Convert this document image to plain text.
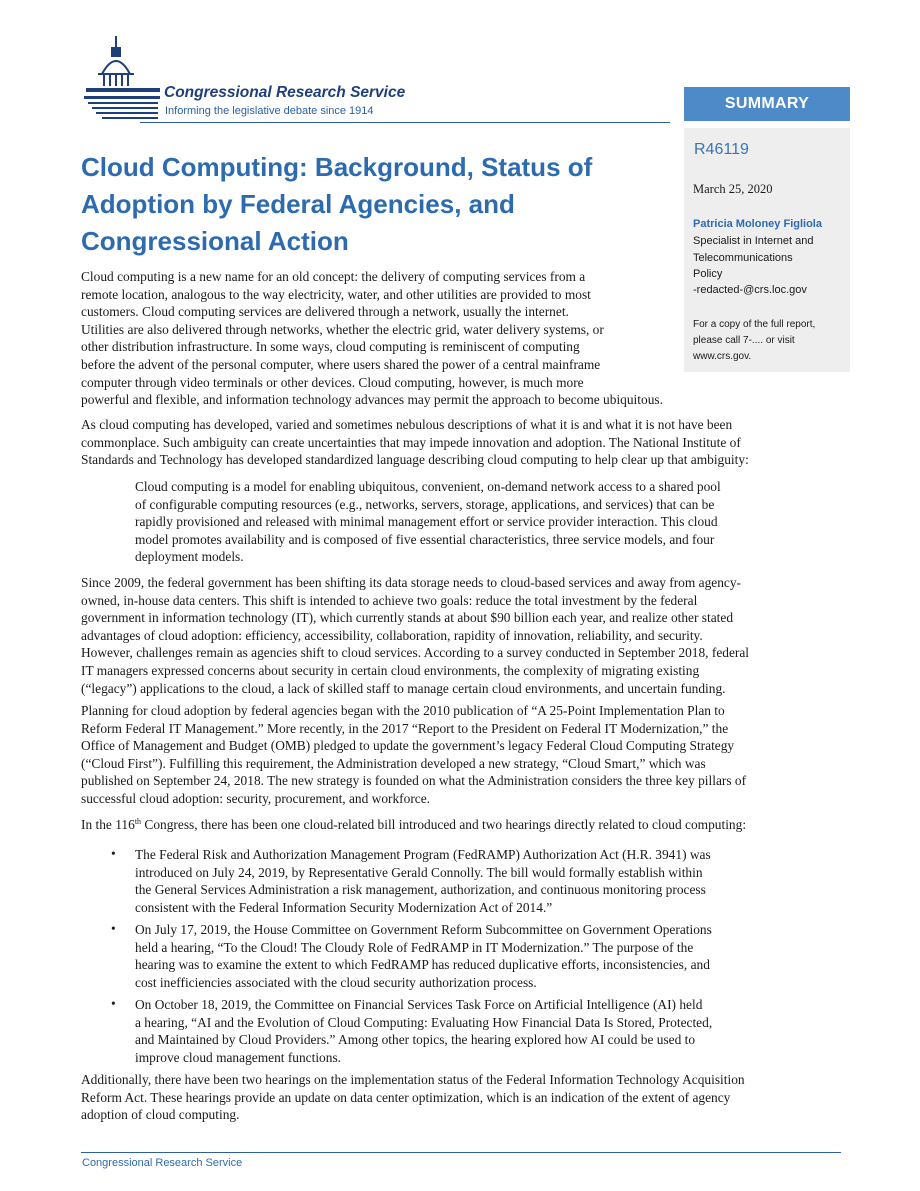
Congressional Research Service
Informing the legislative debate since 1914	SUMMARY
R46119
March 25, 2020
Patricia Moloney Figliola
Specialist in Internet and
Telecommunications
Policy
-redacted-@crs.loc.gov
For a copy of the full report,
please call 7-.... or visit
www.crs.gov.
Cloud Computing: Background, Status of
Adoption by Federal Agencies, and
Congressional Action
Cloud computing is a new name for an old concept: the delivery of computing services from a
remote location, analogous to the way electricity, water, and other utilities are provided to most
customers. Cloud computing services are delivered through a network, usually the internet.
Utilities are also delivered through networks, whether the electric grid, water delivery systems, or
other distribution infrastructure. In some ways, cloud computing is reminiscent of computing
before the advent of the personal computer, where users shared the power of a central mainframe
computer through video terminals or other devices. Cloud computing, however, is much more
powerful and flexible, and information technology advances may permit the approach to become ubiquitous.
As cloud computing has developed, varied and sometimes nebulous descriptions of what it is and what it is not have been
commonplace. Such ambiguity can create uncertainties that may impede innovation and adoption. The National Institute of
Standards and Technology has developed standardized language describing cloud computing to help clear up that ambiguity:
Cloud computing is a model for enabling ubiquitous, convenient, on-demand network access to a shared pool
of configurable computing resources (e.g., networks, servers, storage, applications, and services) that can be
rapidly provisioned and released with minimal management effort or service provider interaction. This cloud
model promotes availability and is composed of five essential characteristics, three service models, and four
deployment models.
Since 2009, the federal government has been shifting its data storage needs to cloud-based services and away from agency-
owned, in-house data centers. This shift is intended to achieve two goals: reduce the total investment by the federal
government in information technology (IT), which currently stands at about $90 billion each year, and realize other stated
advantages of cloud adoption: efficiency, accessibility, collaboration, rapidity of innovation, reliability, and security.
However, challenges remain as agencies shift to cloud services. According to a survey conducted in September 2018, federal
IT managers expressed concerns about security in certain cloud environments, the complexity of migrating existing
(“legacy”) applications to the cloud, a lack of skilled staff to manage certain cloud environments, and uncertain funding.
Planning for cloud adoption by federal agencies began with the 2010 publication of “A 25-Point Implementation Plan to
Reform Federal IT Management.” More recently, in the 2017 “Report to the President on Federal IT Modernization,” the
Office of Management and Budget (OMB) pledged to update the government’s legacy Federal Cloud Computing Strategy
(“Cloud First”). Fulfilling this requirement, the Administration developed a new strategy, “Cloud Smart,” which was
published on September 24, 2018. The new strategy is founded on what the Administration considers the three key pillars of
successful cloud adoption: security, procurement, and workforce.
In the 116th Congress, there has been one cloud-related bill introduced and two hearings directly related to cloud computing:
• The Federal Risk and Authorization Management Program (FedRAMP) Authorization Act (H.R. 3941) was
introduced on July 24, 2019, by Representative Gerald Connolly. The bill would formally establish within
the General Services Administration a risk management, authorization, and continuous monitoring process
consistent with the Federal Information Security Modernization Act of 2014.”
• On July 17, 2019, the House Committee on Government Reform Subcommittee on Government Operations
held a hearing, “To the Cloud! The Cloudy Role of FedRAMP in IT Modernization.” The purpose of the
hearing was to examine the extent to which FedRAMP has reduced duplicative efforts, inconsistencies, and
cost inefficiencies associated with the cloud security authorization process.
• On October 18, 2019, the Committee on Financial Services Task Force on Artificial Intelligence (AI) held
a hearing, “AI and the Evolution of Cloud Computing: Evaluating How Financial Data Is Stored, Protected,
and Maintained by Cloud Providers.” Among other topics, the hearing explored how AI could be used to
improve cloud management functions.
Additionally, there have been two hearings on the implementation status of the Federal Information Technology Acquisition
Reform Act. These hearings provide an update on data center optimization, which is an indication of the extent of agency
adoption of cloud computing.
Congressional Research Service
